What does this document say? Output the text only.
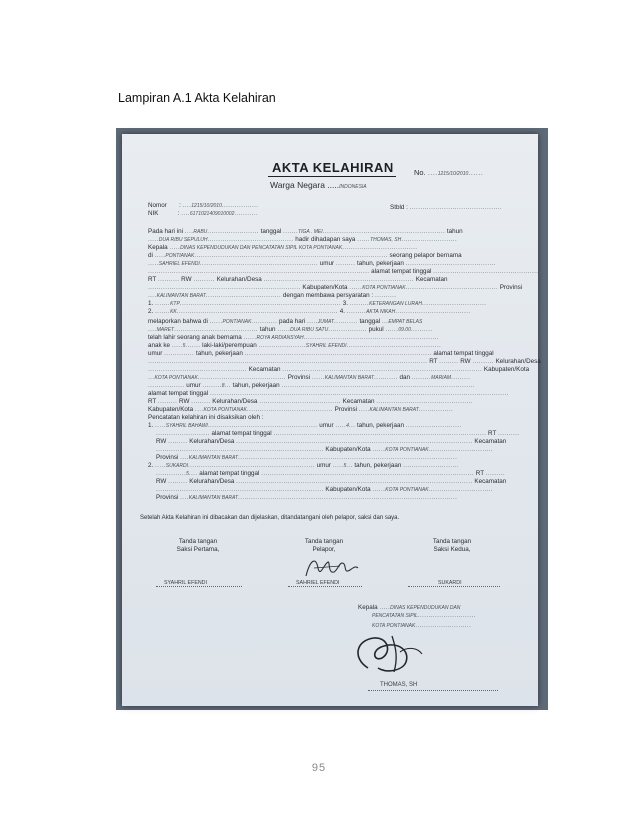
Lampiran A.1 Akta Kelahiran
AKTA KELAHIRAN
Warga Negara .....INDONESIA
No. ....1215/10/2010......
Nomor       : ....1215/10/2010.................
NIK           : ....6171021409010002...........
Stbld : ...........................................
Pada hari ini ....RABU........................ tanggal .......TIGA . MEI......................................................... tahun
.....DUA RIBU SEPULUH........................................ hadir dihadapan saya ......THOMAS, SH..........................
Kepala .....DINAS KEPENDUDUKAN DAN PENCATATAN SIPIL KOTA PONTIANAK...................................
di .....PONTIANAK.......................................................................................... seorang pelapor bernama
.....SAHRIEL EFENDI....................................................... umur ......... tahun, pekerjaan ..........................................
....................................................................................................... alamat tempat tinggal ...................................................
RT .......... RW .......... Kelurahan/Desa ...................................................................... Kecamatan
....................................................................... Kabupaten/Kota ......KOTA PONTIANAK........................................... Provinsi
....KALIMANTAN BARAT................................... dengan membawa persyaratan : ..........
1. .......KTP........................................................................... 3. .........KETERANGAN LURAH..............................
2. .......KK........................................................................... 4. .........AKTA NIKAH...................................
melaporkan bahwa di ......PONTIANAK............ pada hari .....JUMAT........... tanggal ...EMPAT BELAS
....MARET....................................... tahun ......DUA RIBU SATU.................. pukul ......09.00..........
telah lahir seorang anak bernama ......ROYA ARDIANSYAH...............................................................
anak ke .....5....... laki-laki/perempuan ......................SYAHRIL EFENDI............................................
umur .............. tahun, pekerjaan ....................................................................................... alamat tempat tinggal
.................................................................................................................................. RT ......... RW .......... Kelurahan/Desa
.............................................. Kecamatan ............................................................................................. Kabupaten/Kota
...KOTA PONTIANAK......................................... Provinsi ......KALIMANTAN BARAT........... dan .........MARIAM.........
................. umur .........8... tahun, pekerjaan ..........................................................................................
alamat tempat tinggal ...........................................................................................................................................
RT ......... RW ......... Kelurahan/Desa ...................................... Kecamatan .............................................
Kabupaten/Kota ....KOTA PONTIANAK........................................ Provinsi .....KALIMANTAN BARAT................
Pencatatan kelahiran ini disaksikan oleh :
1. .....SYAHRIL BAHAWI................................................... umur .....4... tahun, pekerjaan ..........................
......................... alamat tempat tinggal ................................................................................................... RT ..........
RW ......... Kelurahan/Desa .............................................................................................................. Kecamatan
.............................................................................. Kabupaten/Kota ......KOTA PONTIANAK..............................
Provinsi ....KALIMANTAN BARAT......................................................................................................
2. .....SUKARDI........................................................... umur .....5... tahun, pekerjaan ..........................
..............5.... alamat tempat tinggal ................................................................................................... RT .........
RW ......... Kelurahan/Desa .............................................................................................................. Kecamatan
.............................................................................. Kabupaten/Kota ......KOTA PONTIANAK..............................
Provinsi ....KALIMANTAN BARAT......................................................................................................
Setelah Akta Kelahiran ini dibacakan dan dijelaskan, ditandatangani oleh pelapor, saksi dan saya.
Tanda tangan
Saksi Pertama,
SYAHRIL EFENDI
Tanda tangan
Pelapor,
SAHRIEL EFENDI
Tanda tangan
Saksi Kedua,
SUKARDI
Kepala .....DINAS KEPENDUDUKAN DAN
PENCATATAN SIPIL...........................
KOTA PONTIANAK..........................
THOMAS, SH
95
